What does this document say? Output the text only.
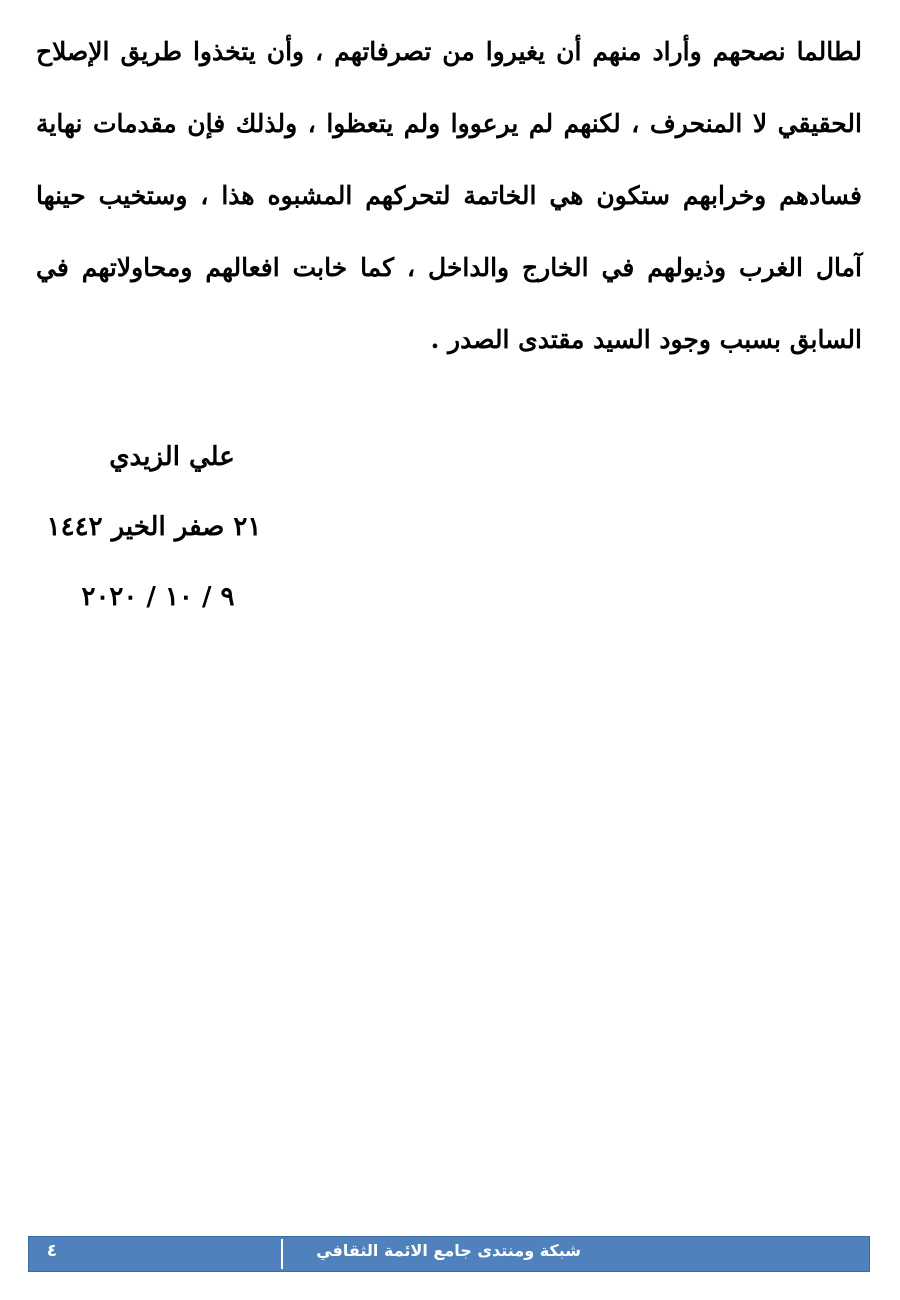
لطالما نصحهم وأراد منهم أن يغيروا من تصرفاتهم ، وأن يتخذوا طريق الإصلاح الحقيقي لا المنحرف ، لكنهم لم يرعووا ولم يتعظوا ، ولذلك فإن مقدمات نهاية فسادهم وخرابهم ستكون هي الخاتمة لتحركهم المشبوه هذا ، وستخيب حينها آمال الغرب وذيولهم في الخارج والداخل ، كما خابت افعالهم ومحاولاتهم في السابق بسبب وجود السيد مقتدى الصدر .

علي الزيدي
٢١ صفر الخير ١٤٤٢
٩ / ١٠ / ٢٠٢٠
٤	شبكة ومنتدى جامع الائمة الثقافي
